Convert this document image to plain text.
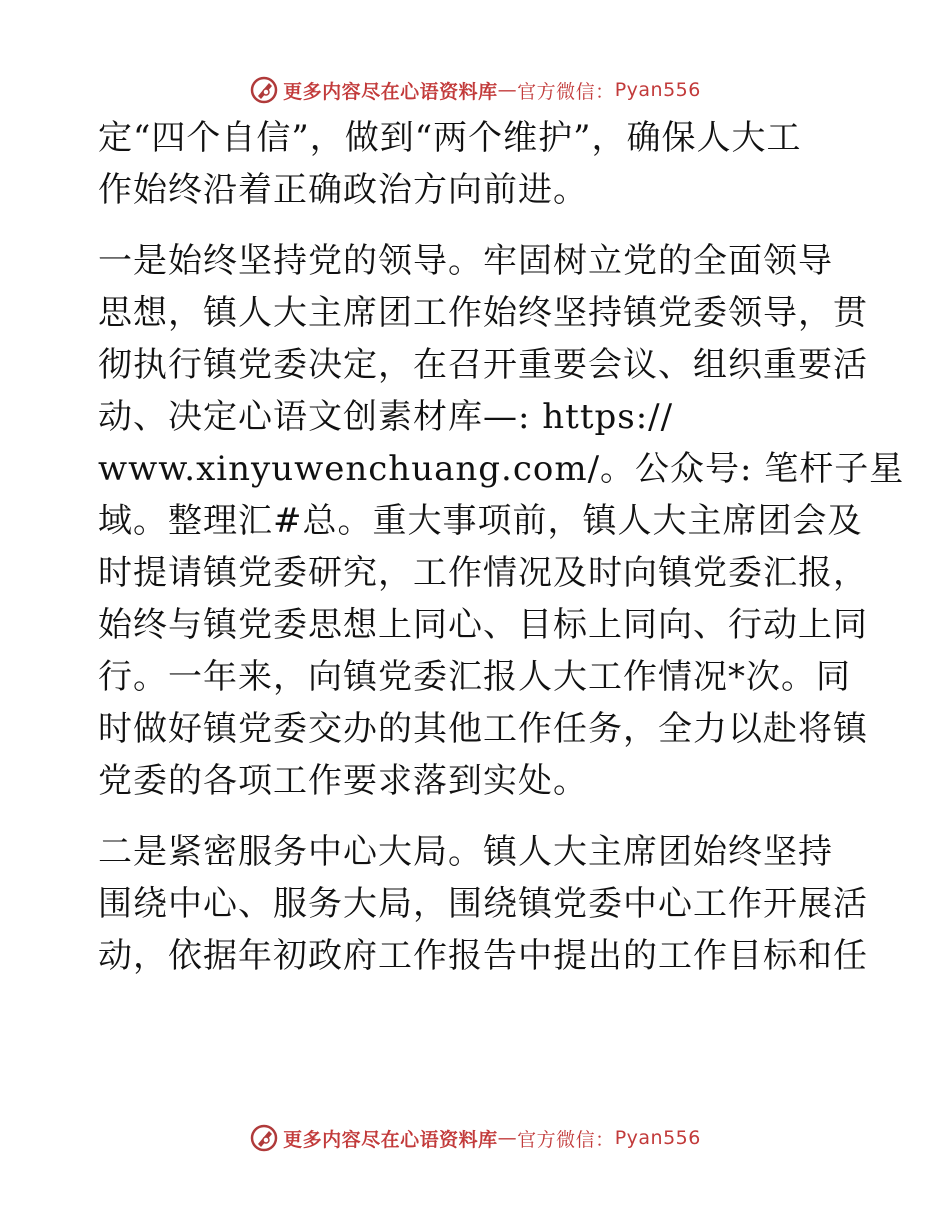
更多内容尽在心语资料库 — 官方微信： Pyan556
定“四个自信”，做到“两个维护”，确保人大工
作始终沿着正确政治方向前进。
一是始终坚持党的领导。牢固树立党的全面领导
思想，镇人大主席团工作始终坚持镇党委领导，贯
彻执行镇党委决定，在召开重要会议、组织重要活
动、决定心语文创素材库—: https://
www.xinyuwenchuang.com/。公众号: 笔杆子星
域。整理汇#总。重大事项前，镇人大主席团会及
时提请镇党委研究，工作情况及时向镇党委汇报，
始终与镇党委思想上同心、目标上同向、行动上同
行。一年来，向镇党委汇报人大工作情况*次。同
时做好镇党委交办的其他工作任务，全力以赴将镇
党委的各项工作要求落到实处。
二是紧密服务中心大局。镇人大主席团始终坚持
围绕中心、服务大局，围绕镇党委中心工作开展活
动，依据年初政府工作报告中提出的工作目标和任
更多内容尽在心语资料库 — 官方微信： Pyan556
